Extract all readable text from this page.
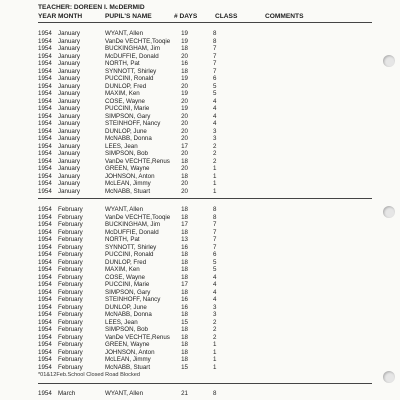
TEACHER: DOREEN I. McDERMID
YEAR MONTH	PUPIL'S NAME	# DAYS	CLASS	COMMENTS
1954 January	WYANT, Allen	19	8
1954 January	VanDe VECHTE,Tooqie	19	8
1954 January	BUCKINGHAM, Jim	18	7
1954 January	McDUFFIE, Donald	20	7
1954 January	NORTH, Pat	16	7
1954 January	SYNNOTT, Shirley	18	7
1954 January	PUCCINI, Ronald	19	6
1954 January	DUNLOP, Fred	20	5
1954 January	MAXIM, Ken	19	5
1954 January	COSE, Wayne	20	4
1954 January	PUCCINI, Marie	19	4
1954 January	SIMPSON, Gary	20	4
1954 January	STEINHOFF, Nancy	20	4
1954 January	DUNLOP, June	20	3
1954 January	McNABB, Donna	20	3
1954 January	LEES, Jean	17	2
1954 January	SIMPSON, Bob	20	2
1954 January	VanDe VECHTE,Renus	18	2
1954 January	GREEN, Wayne	20	1
1954 January	JOHNSON, Anton	18	1
1954 January	McLEAN, Jimmy	20	1
1954 January	McNABB, Stuart	20	1
1954 February	WYANT, Allen	18	8
1954 February	VanDe VECHTE,Tooqie	18	8
1954 February	BUCKINGHAM, Jim	17	7
1954 February	McDUFFIE, Donald	18	7
1954 February	NORTH, Pat	13	7
1954 February	SYNNOTT, Shirley	16	7
1954 February	PUCCINI, Ronald	18	6
1954 February	DUNLOP, Fred	18	5
1954 February	MAXIM, Ken	18	5
1954 February	COSE, Wayne	18	4
1954 February	PUCCINI, Marie	17	4
1954 February	SIMPSON, Gary	18	4
1954 February	STEINHOFF, Nancy	16	4
1954 February	DUNLOP, June	16	3
1954 February	McNABB, Donna	18	3
1954 February	LEES, Jean	15	2
1954 February	SIMPSON, Bob	18	2
1954 February	VanDe VECHTE,Renus	18	2
1954 February	GREEN, Wayne	18	1
1954 February	JOHNSON, Anton	18	1
1954 February	McLEAN, Jimmy	18	1
1954 February	McNABB, Stuart	15	1
*01&12Feb.School Closed Road Blocked
1954 March	WYANT, Allen	21	8
